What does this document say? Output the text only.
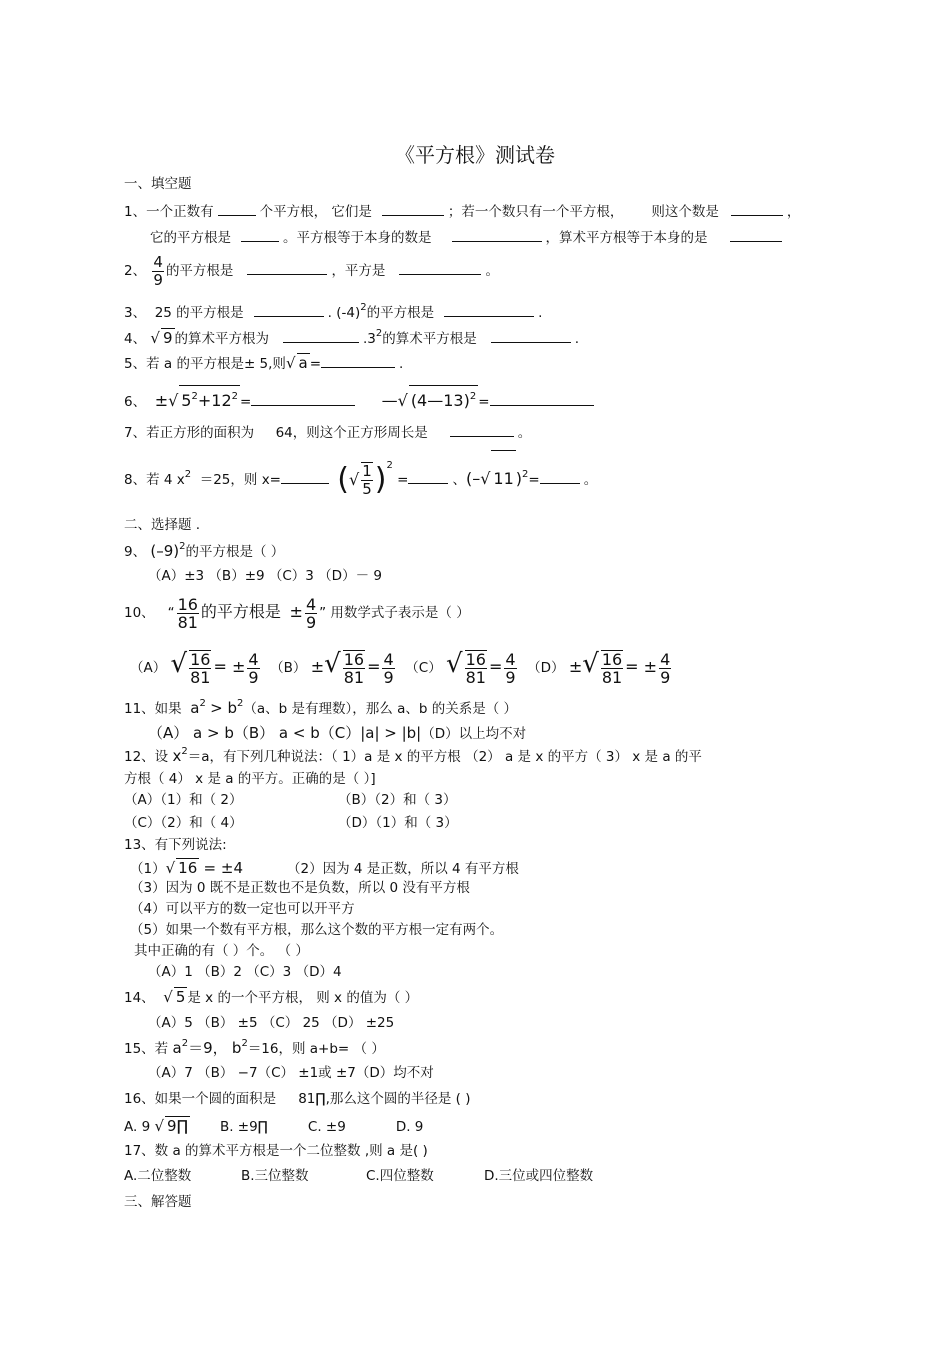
《平方根》测试卷
一、填空题
1、一个正数有	个平方根， 它们是	；若一个数只有一个平方根， 则这个数是	，
它的平方根是	。平方根等于本身的数是	，算术平方根等于本身的是
2、 $\frac{4}{9}$ 的平方根是	，平方是	。
3、 25 的平方根是	. $(-4)^2$的平方根是	.
4、 √ 9 的算术平方根为	$.3^2$的算术平方根是	.
5、若 a 的平方根是± 5,则√ a =	.
6、 ±√ $5^2+12^2$ =	—√ (4—13)$^2$ =
7、若正方形的面积为 64，则这个正方形周长是	。
8、若 4 $x^2 =25$，则 x= (√ $\frac{1}{5} )^2$ =	、(–√ 11 )$^2$=	。
二、选择题 .
9、 $(-9)^2$的平方根是（ ）
（A）±3 （B）±9 （C）3 （D）－ 9
10、 “ $\frac{16}{81}$ 的平方根是 ± $\frac{4}{9}$ ” 用数学式子表示是（ ）
（A） √ $\frac{16}{81}$ = ± $\frac{4}{9} (B)$ ±√ $\frac{16}{81} = \frac{4}{9} (C)$ √ $\frac{16}{81} = \frac{4}{9} (D)$ ±√ $\frac{16}{81}$ = ± $\frac{4}{9}$
11、如果 $a^2 > b^2(a$、b 是有理数），那么 a、b 的关系是（ ）
（A） a > b（B） a < b（C）|a| > |b|（D）以上均不对
12、设 $x^2=a$，有下列几种说法：（ 1）a 是 x 的平方根 （2） a 是 x 的平方（ 3） x 是 a 的平
方根（ 4） x 是 a 的平方。正确的是（ ）]
（A）（1）和（ 2）	（B）（2）和（ 3）
（C）（2）和（ 4）	（D）（1）和（ 3）
13、有下列说法:
（1）√ 16 = ±4	（2）因为 4 是正数，所以 4 有平方根
（3）因为 0 既不是正数也不是负数，所以 0 没有平方根
（4）可以平方的数一定也可以开平方
（5）如果一个数有平方根，那么这个数的平方根一定有两个。
其中正确的有（ ）个。 （ ）
（A）1 （B）2 （C）3 （D）4
14、 √ 5 是 x 的一个平方根， 则 x 的值为（ ）
（A）5 （B） ±5 （C） 25 （D） ±25
15、若 $a^2=9$， $b^2=16$，则 a+b= （ ）
（A）7 （B） −7（C） ±1或 ±7（D）均不对
16、如果一个圆的面积是 81∏,那么这个圆的半径是 ( )
A. 9 √ 9∏ B. ±9∏	C. ±9	D. 9
17、数 a 的算术平方根是一个二位整数 ,则 a 是( )
A.二位整数	B.三位整数	C.四位整数	D.三位或四位整数
三、解答题
